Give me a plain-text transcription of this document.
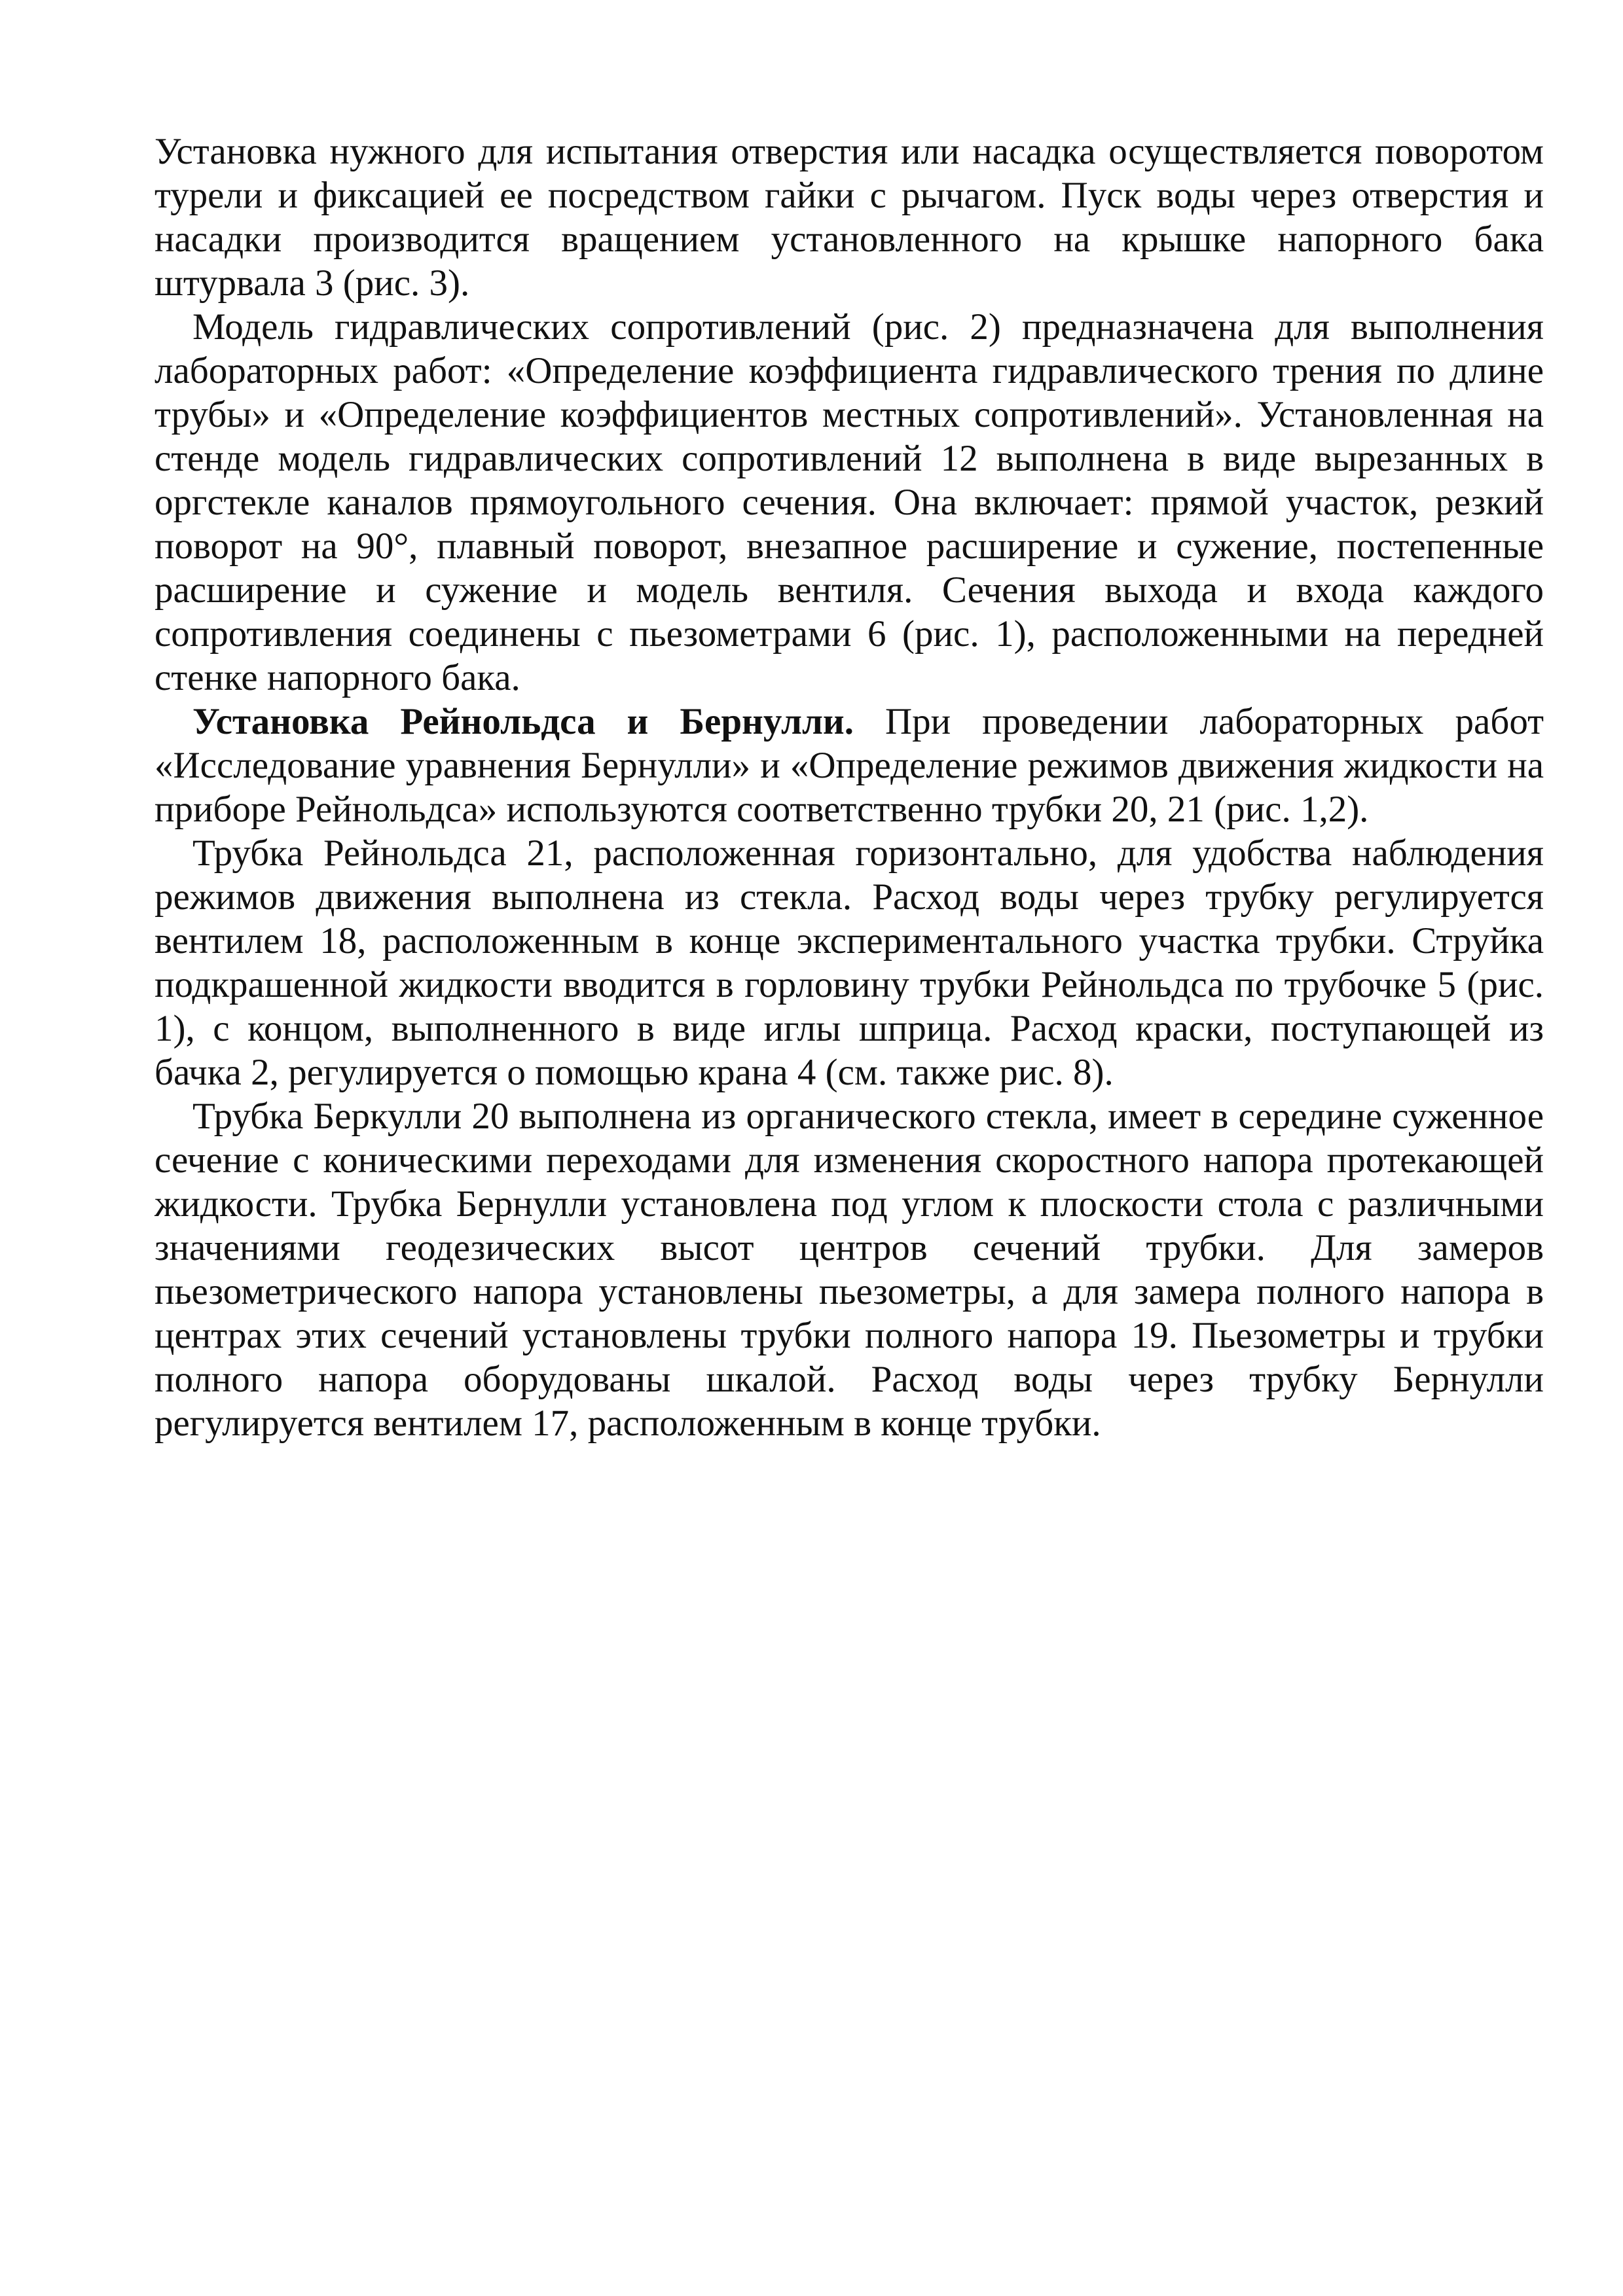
Установка нужного для испытания отверстия или насадка осуществляется поворотом турели и фиксацией ее посредством гайки с рычагом. Пуск воды через отверстия и насадки производится вращением установленного на крышке напорного бака штурвала 3 (рис. 3).

Модель гидравлических сопротивлений (рис. 2) предназначена для выполнения лабораторных работ: «Определение коэффициента гидравлического трения по длине трубы» и «Определение коэффициентов местных сопротивлений». Установленная на стенде модель гидравлических сопротивлений 12 выполнена в виде вырезанных в оргстекле каналов прямоугольного сечения. Она включает: прямой участок, резкий поворот на 90°, плавный поворот, внезапное расширение и сужение, постепенные расширение и сужение и модель вентиля. Сечения выхода и входа каждого сопротивления соединены с пьезометрами 6 (рис. 1), расположенными на передней стенке напорного бака.

Установка Рейнольдса и Бернулли. При проведении лабораторных работ «Исследование уравнения Бернулли» и «Определение режимов движения жидкости на приборе Рейнольдса» используются соответственно трубки 20, 21 (рис. 1,2).

Трубка Рейнольдса 21, расположенная горизонтально, для удобства наблюдения режимов движения выполнена из стекла. Расход воды через трубку регулируется вентилем 18, расположенным в конце экспериментального участка трубки. Струйка подкрашенной жидкости вводится в горловину трубки Рейнольдса по трубочке 5 (рис. 1), с концом, выполненного в виде иглы шприца. Расход краски, поступающей из бачка 2, регулируется о помощью крана 4 (см. также рис. 8).

Трубка Беркулли 20 выполнена из органического стекла, имеет в середине суженное сечение с коническими переходами для изменения скоростного напора протекающей жидкости. Трубка Бернулли установлена под углом к плоскости стола с различными значениями геодезических высот центров сечений трубки. Для замеров пьезометрического напора установлены пьезометры, а для замера полного напора в центрах этих сечений установлены трубки полного напора 19. Пьезометры и трубки полного напора оборудованы шкалой. Расход воды через трубку Бернулли регулируется вентилем 17, расположенным в конце трубки.
